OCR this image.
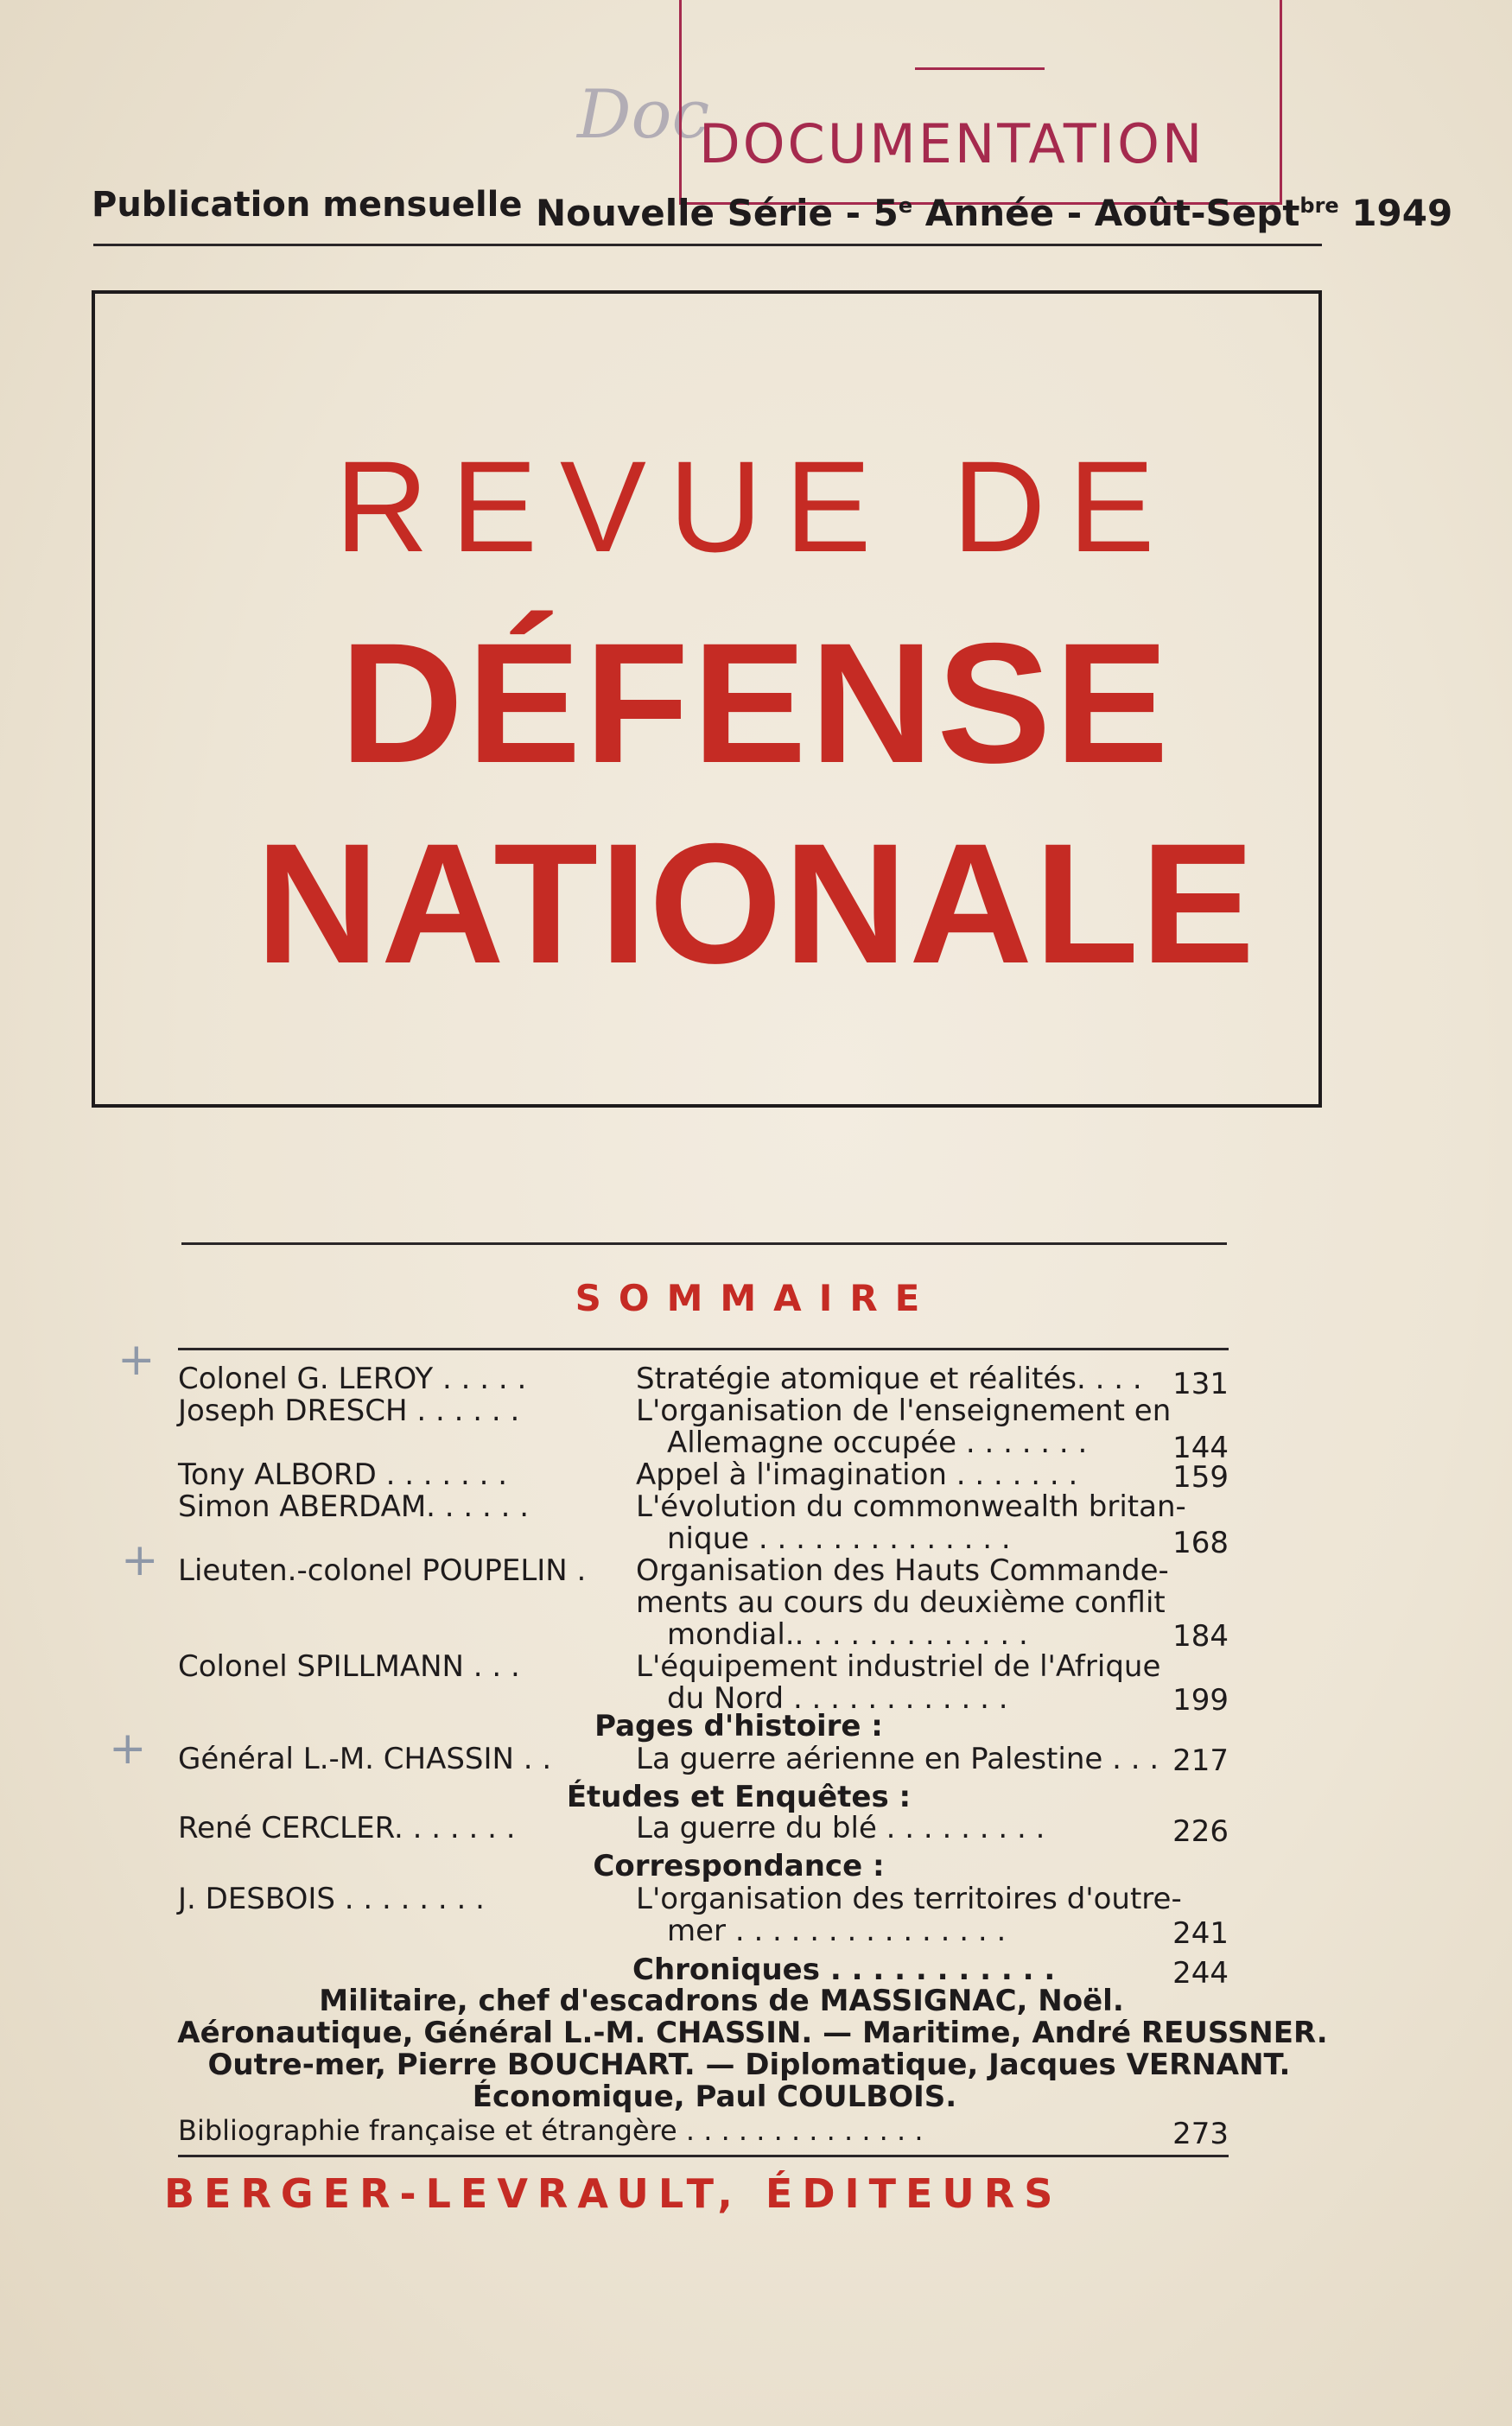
Doc
DOCUMENTATION
Publication mensuelle Nouvelle Série - 5e Année - Août-Sept$^{bre}$ 1949
REVUE DE
DÉFENSE
NATIONALE
SOMMAIRE
+
+
+
Colonel G. LEROY . . . . .	Stratégie atomique et réalités. . . .	131
Joseph DRESCH . . . . . .	L'organisation de l'enseignement en
Allemagne occupée . . . . . . .	144
Tony ALBORD . . . . . . .	Appel à l'imagination . . . . . . .	159
Simon ABERDAM. . . . . .	L'évolution du commonwealth britan-
nique . . . . . . . . . . . . . .	168
Lieuten.-colonel POUPELIN . Organisation des Hauts Commande-
ments au cours du deuxième conflit
mondial.. . . . . . . . . . . . .	184
Colonel SPILLMANN . . .	L'équipement industriel de l'Afrique
du Nord . . . . . . . . . . . .	199
Pages d'histoire :
Général L.-M. CHASSIN . .	La guerre aérienne en Palestine . . . 217
Études et Enquêtes :
René CERCLER. . . . . . .	La guerre du blé . . . . . . . . .	226
Correspondance :
J. DESBOIS . . . . . . . .	L'organisation des territoires d'outre-
mer . . . . . . . . . . . . . . .	241
Chroniques . . . . . . . . . . .	244
Militaire, chef d'escadrons de MASSIGNAC, Noël.
Aéronautique, Général L.-M. CHASSIN. — Maritime, André REUSSNER.
Outre-mer, Pierre BOUCHART. — Diplomatique, Jacques VERNANT.
Économique, Paul COULBOIS.
Bibliographie française et étrangère . . . . . . . . . . . . . .	273
BERGER-LEVRAULT, ÉDITEURS
